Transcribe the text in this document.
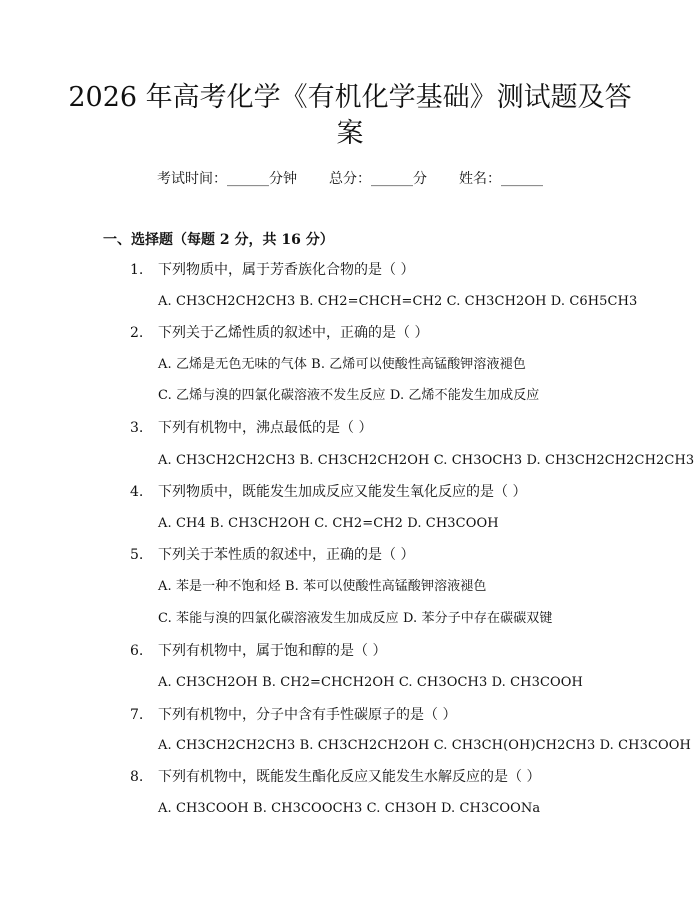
2026 年高考化学《有机化学基础》测试题及答案
考试时间：______分钟 总分：______分 姓名：______
一、选择题（每题 2 分，共 16 分）
1. 下列物质中，属于芳香族化合物的是（ ）
A. CH3CH2CH2CH3 B. CH2=CHCH=CH2 C. CH3CH2OH D. C6H5CH3
2. 下列关于乙烯性质的叙述中，正确的是（ ）
A. 乙烯是无色无味的气体 B. 乙烯可以使酸性高锰酸钾溶液褪色
C. 乙烯与溴的四氯化碳溶液不发生反应 D. 乙烯不能发生加成反应
3. 下列有机物中，沸点最低的是（ ）
A. CH3CH2CH2CH3 B. CH3CH2CH2OH C. CH3OCH3 D. CH3CH2CH2CH2CH3
4. 下列物质中，既能发生加成反应又能发生氧化反应的是（ ）
A. CH4 B. CH3CH2OH C. CH2=CH2 D. CH3COOH
5. 下列关于苯性质的叙述中，正确的是（ ）
A. 苯是一种不饱和烃 B. 苯可以使酸性高锰酸钾溶液褪色
C. 苯能与溴的四氯化碳溶液发生加成反应 D. 苯分子中存在碳碳双键
6. 下列有机物中，属于饱和醇的是（ ）
A. CH3CH2OH B. CH2=CHCH2OH C. CH3OCH3 D. CH3COOH
7. 下列有机物中，分子中含有手性碳原子的是（ ）
A. CH3CH2CH2CH3 B. CH3CH2CH2OH C. CH3CH(OH)CH2CH3 D. CH3COOH
8. 下列有机物中，既能发生酯化反应又能发生水解反应的是（ ）
A. CH3COOH B. CH3COOCH3 C. CH3OH D. CH3COONa
